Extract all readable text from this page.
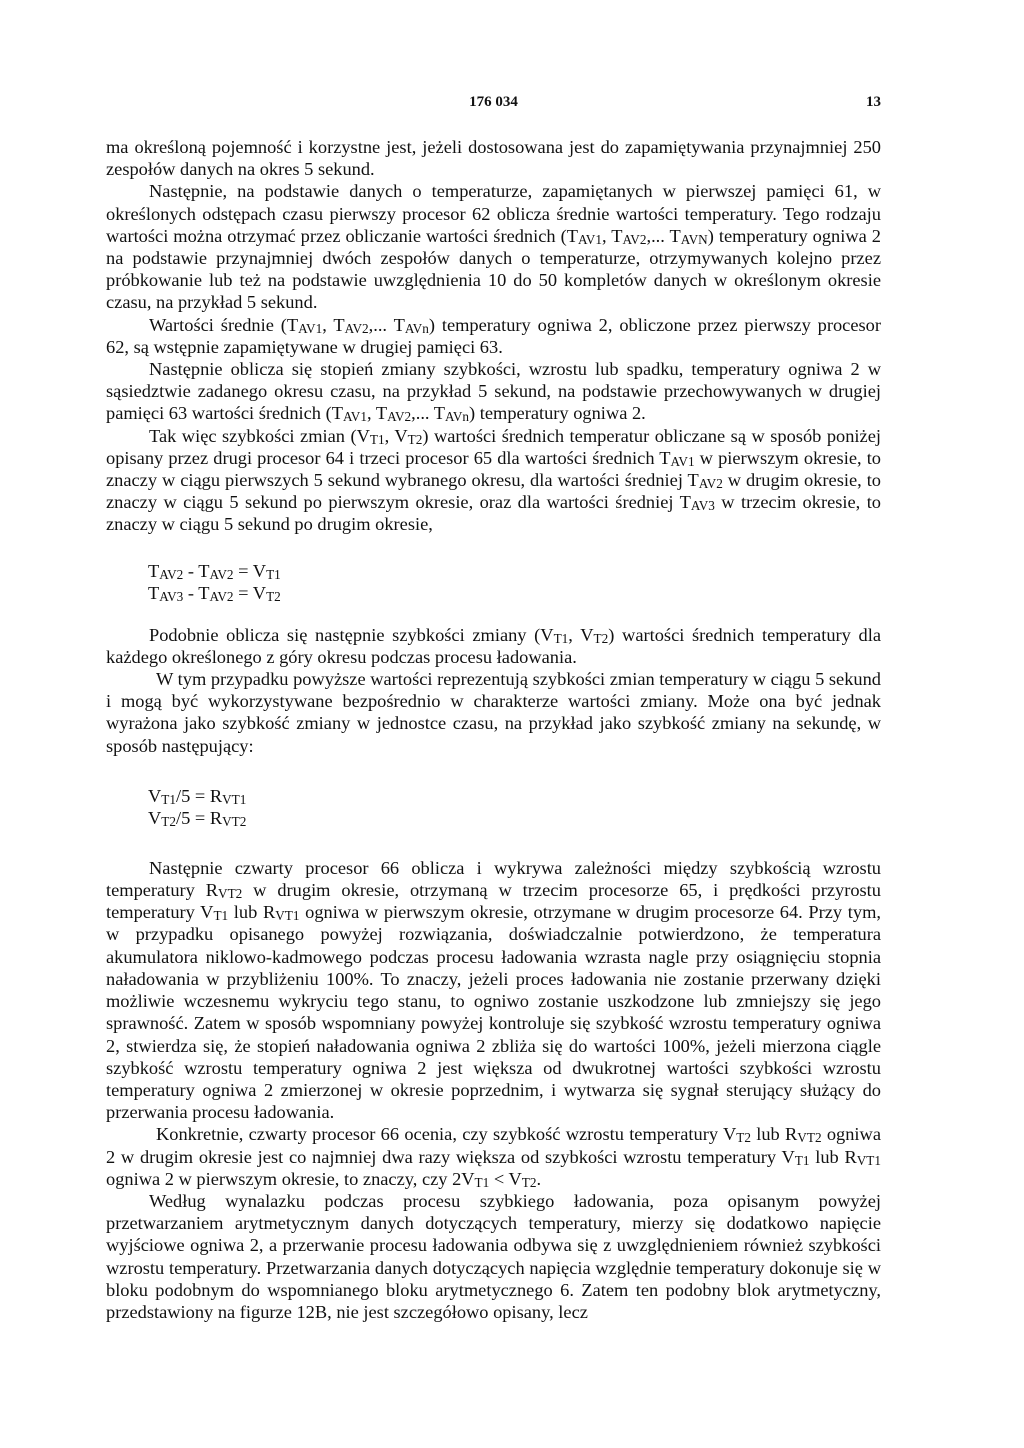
176 034	13

ma określoną pojemność i korzystne jest, jeżeli dostosowana jest do zapamiętywania przynajmniej 250 zespołów danych na okres 5 sekund.

Następnie, na podstawie danych o temperaturze, zapamiętanych w pierwszej pamięci 61, w określonych odstępach czasu pierwszy procesor 62 oblicza średnie wartości temperatury. Tego rodzaju wartości można otrzymać przez obliczanie wartości średnich ($T_{AV1}$, $T_{AV2}$,... $T_{AVN}$) temperatury ogniwa 2 na podstawie przynajmniej dwóch zespołów danych o temperaturze, otrzymywanych kolejno przez próbkowanie lub też na podstawie uwzględnienia 10 do 50 kompletów danych w określonym okresie czasu, na przykład 5 sekund.

Wartości średnie ($T_{AV1}$, $T_{AV2}$,... $T_{AVn}$) temperatury ogniwa 2, obliczone przez pierwszy procesor 62, są wstępnie zapamiętywane w drugiej pamięci 63.

Następnie oblicza się stopień zmiany szybkości, wzrostu lub spadku, temperatury ogniwa 2 w sąsiedztwie zadanego okresu czasu, na przykład 5 sekund, na podstawie przechowywanych w drugiej pamięci 63 wartości średnich ($T_{AV1}$, $T_{AV2}$,... $T_{AVn}$) temperatury ogniwa 2.

Tak więc szybkości zmian ($V_{T1}$, $V_{T2}$) wartości średnich temperatur obliczane są w sposób poniżej opisany przez drugi procesor 64 i trzeci procesor 65 dla wartości średnich $T_{AV1}$ w pierwszym okresie, to znaczy w ciągu pierwszych 5 sekund wybranego okresu, dla wartości średniej $T_{AV2}$ w drugim okresie, to znaczy w ciągu 5 sekund po pierwszym okresie, oraz dla wartości średniej $T_{AV3}$ w trzecim okresie, to znaczy w ciągu 5 sekund po drugim okresie,

$T_{AV2} - T_{AV2} = V_{T1}$
$T_{AV3} - T_{AV2} = V_{T2}$

Podobnie oblicza się następnie szybkości zmiany ($V_{T1}$, $V_{T2}$) wartości średnich temperatury dla każdego określonego z góry okresu podczas procesu ładowania.

W tym przypadku powyższe wartości reprezentują szybkości zmian temperatury w ciągu 5 sekund i mogą być wykorzystywane bezpośrednio w charakterze wartości zmiany. Może ona być jednak wyrażona jako szybkość zmiany w jednostce czasu, na przykład jako szybkość zmiany na sekundę, w sposób następujący:

$V_{T1}/5 = R_{VT1}$
$V_{T2}/5 = R_{VT2}$

Następnie czwarty procesor 66 oblicza i wykrywa zależności między szybkością wzrostu temperatury $R_{VT2}$ w drugim okresie, otrzymaną w trzecim procesorze 65, i prędkości przyrostu temperatury $V_{T1}$ lub $R_{VT1}$ ogniwa w pierwszym okresie, otrzymane w drugim procesorze 64. Przy tym, w przypadku opisanego powyżej rozwiązania, doświadczalnie potwierdzono, że temperatura akumulatora niklowo-kadmowego podczas procesu ładowania wzrasta nagle przy osiągnięciu stopnia naładowania w przybliżeniu 100%. To znaczy, jeżeli proces ładowania nie zostanie przerwany dzięki możliwie wczesnemu wykryciu tego stanu, to ogniwo zostanie uszkodzone lub zmniejszy się jego sprawność. Zatem w sposób wspomniany powyżej kontroluje się szybkość wzrostu temperatury ogniwa 2, stwierdza się, że stopień naładowania ogniwa 2 zbliża się do wartości 100%, jeżeli mierzona ciągle szybkość wzrostu temperatury ogniwa 2 jest większa od dwukrotnej wartości szybkości wzrostu temperatury ogniwa 2 zmierzonej w okresie poprzednim, i wytwarza się sygnał sterujący służący do przerwania procesu ładowania.

Konkretnie, czwarty procesor 66 ocenia, czy szybkość wzrostu temperatury $V_{T2}$ lub $R_{VT2}$ ogniwa 2 w drugim okresie jest co najmniej dwa razy większa od szybkości wzrostu temperatury $V_{T1}$ lub $R_{VT1}$ ogniwa 2 w pierwszym okresie, to znaczy, czy $2V_{T1} < V_{T2}$.

Według wynalazku podczas procesu szybkiego ładowania, poza opisanym powyżej przetwarzaniem arytmetycznym danych dotyczących temperatury, mierzy się dodatkowo napięcie wyjściowe ogniwa 2, a przerwanie procesu ładowania odbywa się z uwzględnieniem również szybkości wzrostu temperatury. Przetwarzania danych dotyczących napięcia względnie temperatury dokonuje się w bloku podobnym do wspomnianego bloku arytmetycznego 6. Zatem ten podobny blok arytmetyczny, przedstawiony na figurze 12B, nie jest szczegółowo opisany, lecz
